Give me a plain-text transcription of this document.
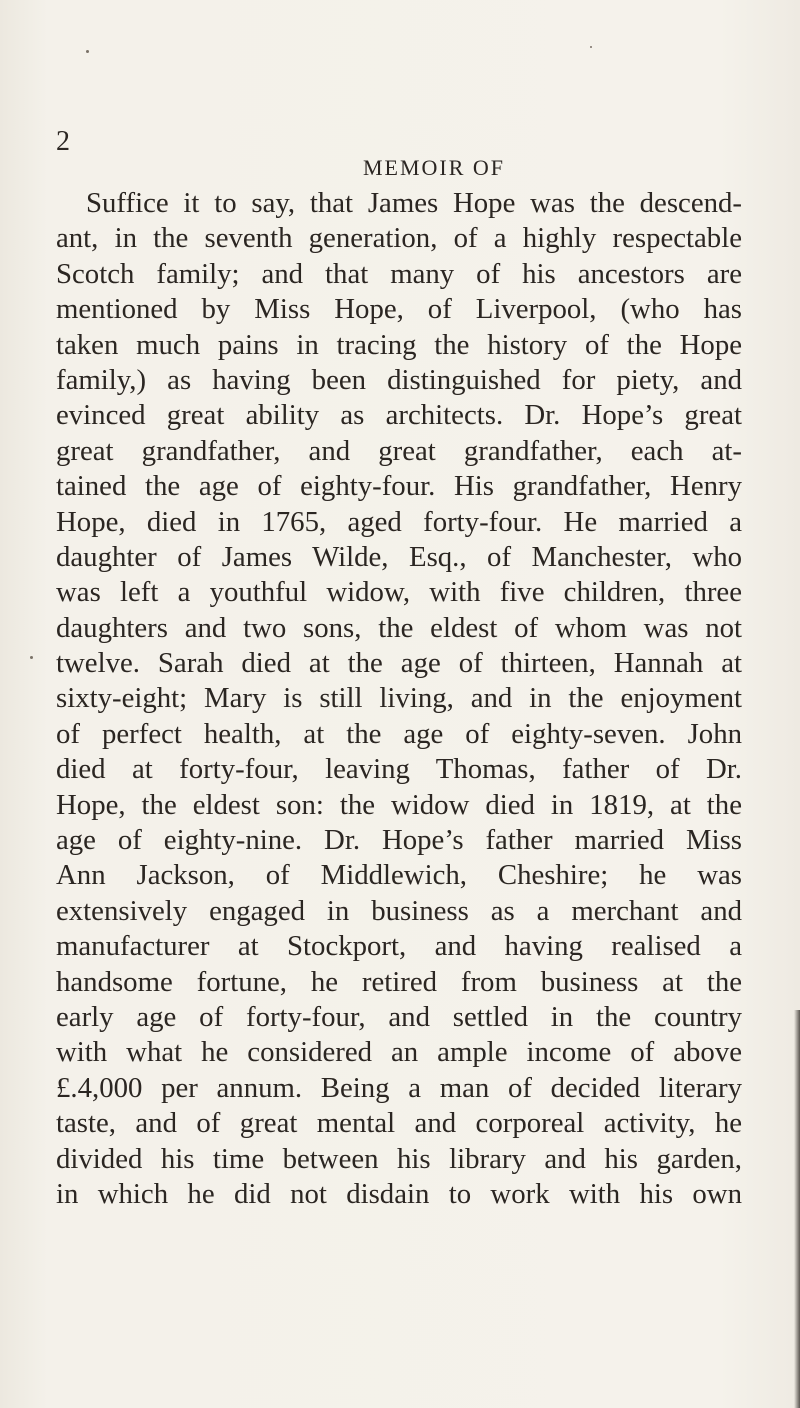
2
MEMOIR OF
Suffice it to say, that James Hope was the descend-
ant, in the seventh generation, of a highly respectable
Scotch family; and that many of his ancestors are
mentioned by Miss Hope, of Liverpool, (who has
taken much pains in tracing the history of the Hope
family,) as having been distinguished for piety, and
evinced great ability as architects. Dr. Hope’s great
great grandfather, and great grandfather, each at-
tained the age of eighty-four. His grandfather, Henry
Hope, died in 1765, aged forty-four. He married a
daughter of James Wilde, Esq., of Manchester, who
was left a youthful widow, with five children, three
daughters and two sons, the eldest of whom was not
twelve. Sarah died at the age of thirteen, Hannah at
sixty-eight; Mary is still living, and in the enjoyment
of perfect health, at the age of eighty-seven. John
died at forty-four, leaving Thomas, father of Dr.
Hope, the eldest son: the widow died in 1819, at the
age of eighty-nine. Dr. Hope’s father married Miss
Ann Jackson, of Middlewich, Cheshire; he was
extensively engaged in business as a merchant and
manufacturer at Stockport, and having realised a
handsome fortune, he retired from business at the
early age of forty-four, and settled in the country
with what he considered an ample income of above
£.4,000 per annum. Being a man of decided literary
taste, and of great mental and corporeal activity, he
divided his time between his library and his garden,
in which he did not disdain to work with his own
